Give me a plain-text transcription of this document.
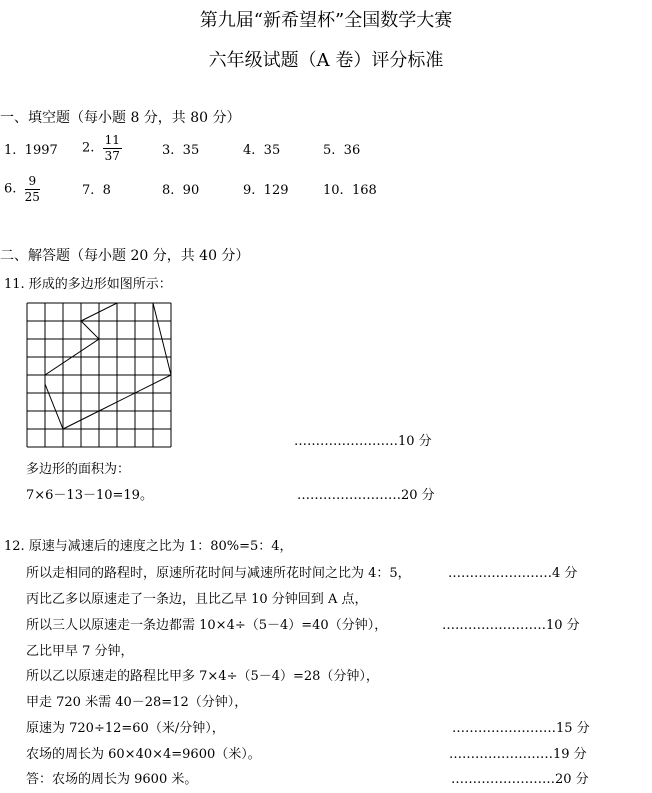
第九届“新希望杯”全国数学大赛
六年级试题（A 卷）评分标准
一、填空题（每小题 8 分，共 80 分）
1. 1997 2. $\frac{11}{37}$	3. 35	4. 35	5. 36
6. $\frac{9}{25}$	7. 8	8. 90	9. 129	10. 168
二、解答题（每小题 20 分，共 40 分）
11. 形成的多边形如图所示：
……………………10 分
多边形的面积为：
7×6－13－10=19。	……………………20 分
12. 原速与减速后的速度之比为 1：80%=5：4，
所以走相同的路程时，原速所花时间与减速所花时间之比为 4：5，	……………………4 分
丙比乙多以原速走了一条边，且比乙早 10 分钟回到 A 点，
所以三人以原速走一条边都需 10×4÷（5－4）=40（分钟），	……………………10 分
乙比甲早 7 分钟，
所以乙以原速走的路程比甲多 7×4÷（5－4）=28（分钟），
甲走 720 米需 40－28=12（分钟），
原速为 720÷12=60（米/分钟），	……………………15 分
农场的周长为 60×40×4=9600（米）。	……………………19 分
答：农场的周长为 9600 米。	……………………20 分
